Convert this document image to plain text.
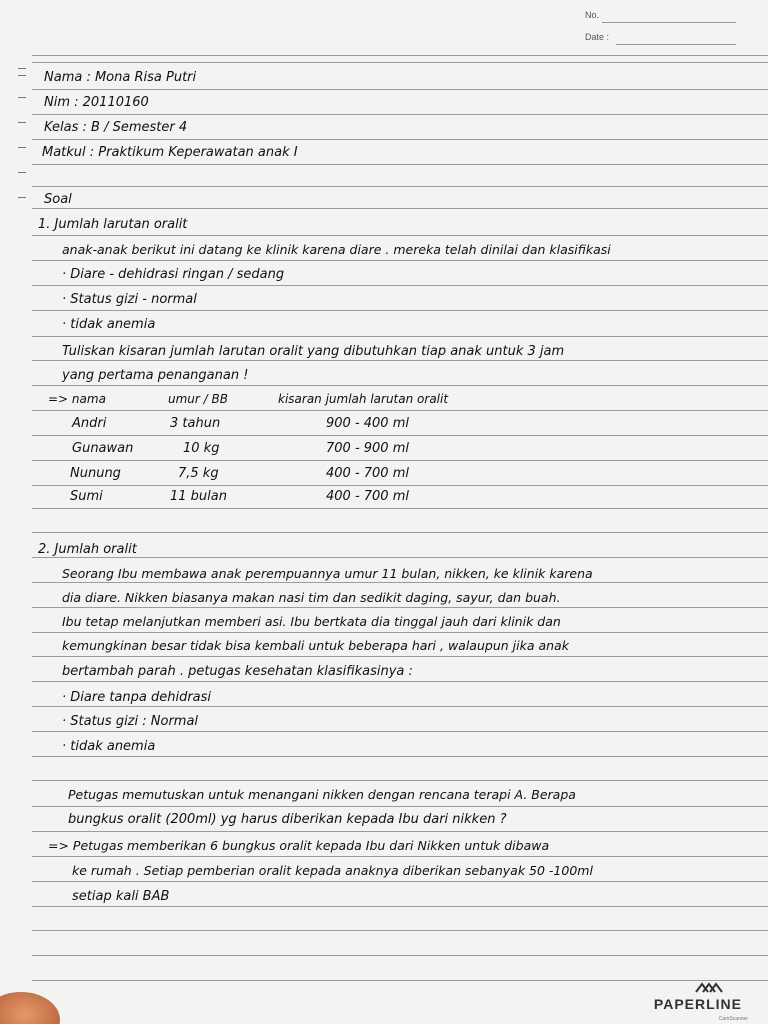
No.
Date :
Nama : Mona Risa Putri
Nim : 20110160
Kelas : B / Semester 4
Matkul : Praktikum Keperawatan anak I
Soal
1. Jumlah larutan oralit
anak-anak berikut ini datang ke klinik karena diare . mereka telah dinilai dan klasifikasi
· Diare - dehidrasi ringan / sedang
· Status gizi - normal
· tidak anemia
Tuliskan kisaran jumlah larutan oralit yang dibutuhkan tiap anak untuk 3 jam
yang pertama penanganan !
=> nama	umur / BB	kisaran jumlah larutan oralit
Andri	3 tahun	900 - 400 ml
Gunawan	10 kg	700 - 900 ml
Nunung	7,5 kg	400 - 700 ml
Sumi	11 bulan	400 - 700 ml
2. Jumlah oralit
Seorang Ibu membawa anak perempuannya umur 11 bulan, nikken, ke klinik karena
dia diare. Nikken biasanya makan nasi tim dan sedikit daging, sayur, dan buah.
Ibu tetap melanjutkan memberi asi. Ibu bertkata dia tinggal jauh dari klinik dan
kemungkinan besar tidak bisa kembali untuk beberapa hari , walaupun jika anak
bertambah parah . petugas kesehatan klasifikasinya :
· Diare tanpa dehidrasi
· Status gizi : Normal
· tidak anemia
Petugas memutuskan untuk menangani nikken dengan rencana terapi A. Berapa
bungkus oralit (200ml) yg harus diberikan kepada Ibu dari nikken ?
=> Petugas memberikan 6 bungkus oralit kepada Ibu dari Nikken untuk dibawa
ke rumah . Setiap pemberian oralit kepada anaknya diberikan sebanyak 50 -100ml
setiap kali BAB
PAPERLINE
CamScanner
